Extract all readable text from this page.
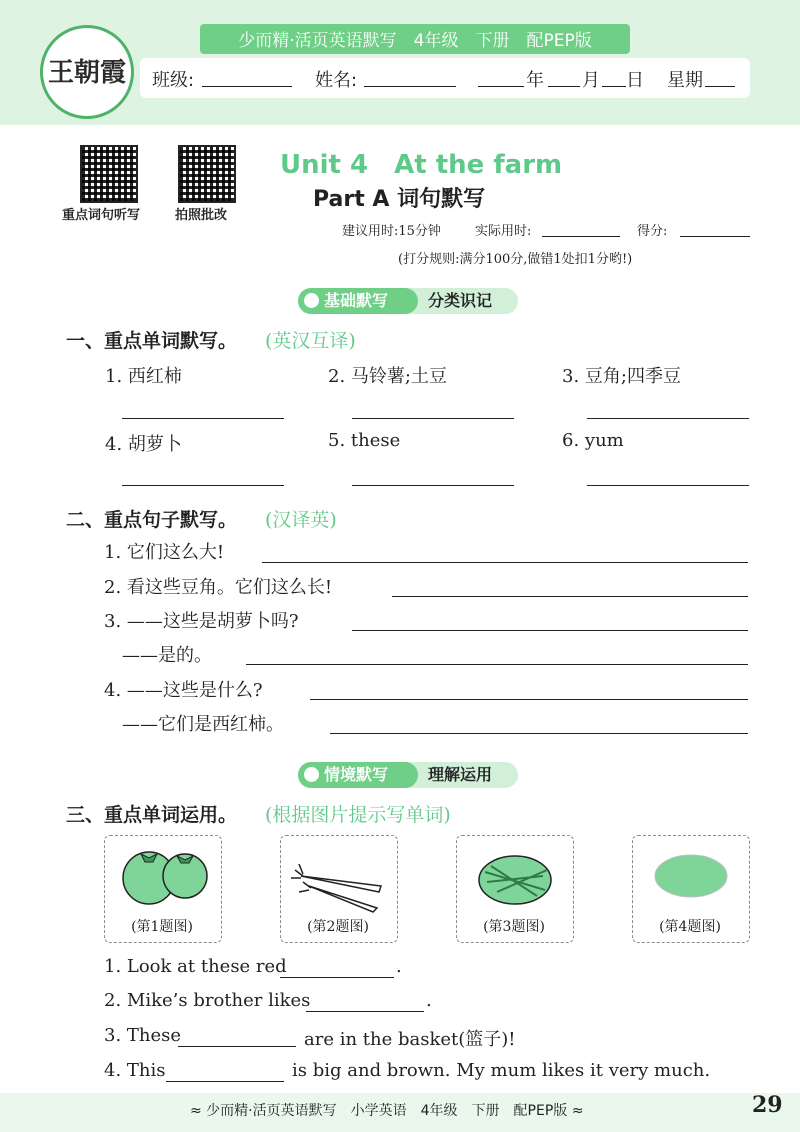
少而精·活页英语默写　4年级　下册　配PEP版
王朝霞	班级:	姓名:	年 月 日 星期
重点词句听写	拍照批改
Unit 4　At the farm
Part A 词句默写
建议用时:15分钟	实际用时:	得分:
(打分规则:满分100分,做错1处扣1分哟!)
基础默写	分类识记
一、重点单词默写。 (英汉互译)
1. 西红柿	2. 马铃薯;土豆	3. 豆角;四季豆
4. 胡萝卜	5. these	6. yum
二、重点句子默写。 (汉译英)
1. 它们这么大!
2. 看这些豆角。它们这么长!
3. ——这些是胡萝卜吗?
——是的。
4. ——这些是什么?
——它们是西红柿。
情境默写	理解运用
三、重点单词运用。 (根据图片提示写单词)
(第1题图)	(第2题图)	(第3题图)	(第4题图)
1. Look at these red	.
2. Mike’s brother likes	.
3. These	are in the basket(篮子)!
4. This	is big and brown. My mum likes it very much.
≈ 少而精·活页英语默写　小学英语　4年级　下册　配PEP版 ≈	29
